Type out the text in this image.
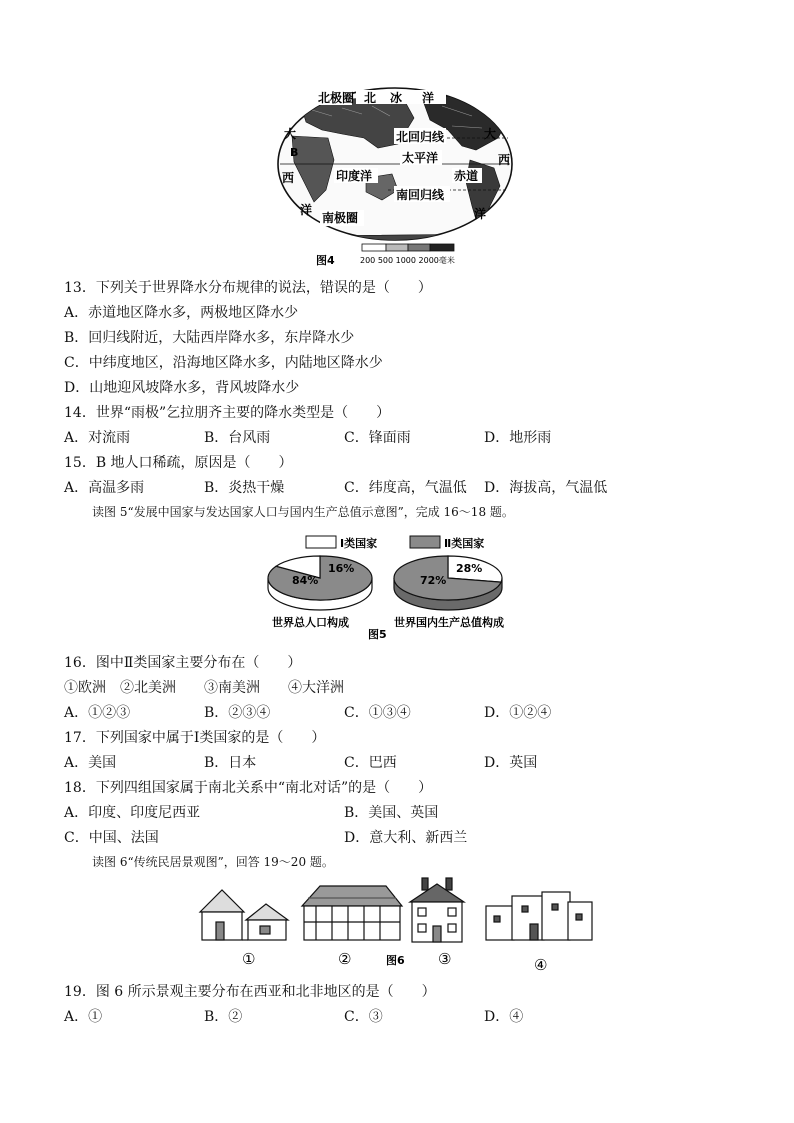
北极圈 北 冰 洋
大	大
B
北回归线
太平洋
西
西
印度洋	赤道
南回归线
洋	洋
南极圈
图4	200 500 1000 2000毫米
13．下列关于世界降水分布规律的说法，错误的是（　　）
A．赤道地区降水多，两极地区降水少
B．回归线附近，大陆西岸降水多，东岸降水少
C．中纬度地区，沿海地区降水多，内陆地区降水少
D．山地迎风坡降水多，背风坡降水少
14．世界“雨极”乞拉朋齐主要的降水类型是（　　）
A．对流雨	B．台风雨	C．锋面雨	D．地形雨
15．B 地人口稀疏，原因是（　　）
A．高温多雨	B．炎热干燥	C．纬度高，气温低 D．海拔高，气温低
读图 5“发展中国家与发达国家人口与国内生产总值示意图”，完成 16～18 题。
Ⅰ类国家	Ⅱ类国家
84%
16%
72%
28%
世界总人口构成	世界国内生产总值构成
图5
16．图中Ⅱ类国家主要分布在（　　）
①欧洲　②北美洲　　③南美洲　　④大洋洲
A．①②③	B．②③④	C．①③④	D．①②④
17．下列国家中属于Ⅰ类国家的是（　　）
A．美国	B．日本	C．巴西	D．英国
18．下列四组国家属于南北关系中“南北对话”的是（　　）
A．印度、印度尼西亚	B．美国、英国
C．中国、法国	D．意大利、新西兰
读图 6“传统民居景观图”，回答 19～20 题。
①	②	图6 ③	④
19．图 6 所示景观主要分布在西亚和北非地区的是（　　）
A．①	B．②	C．③	D．④
